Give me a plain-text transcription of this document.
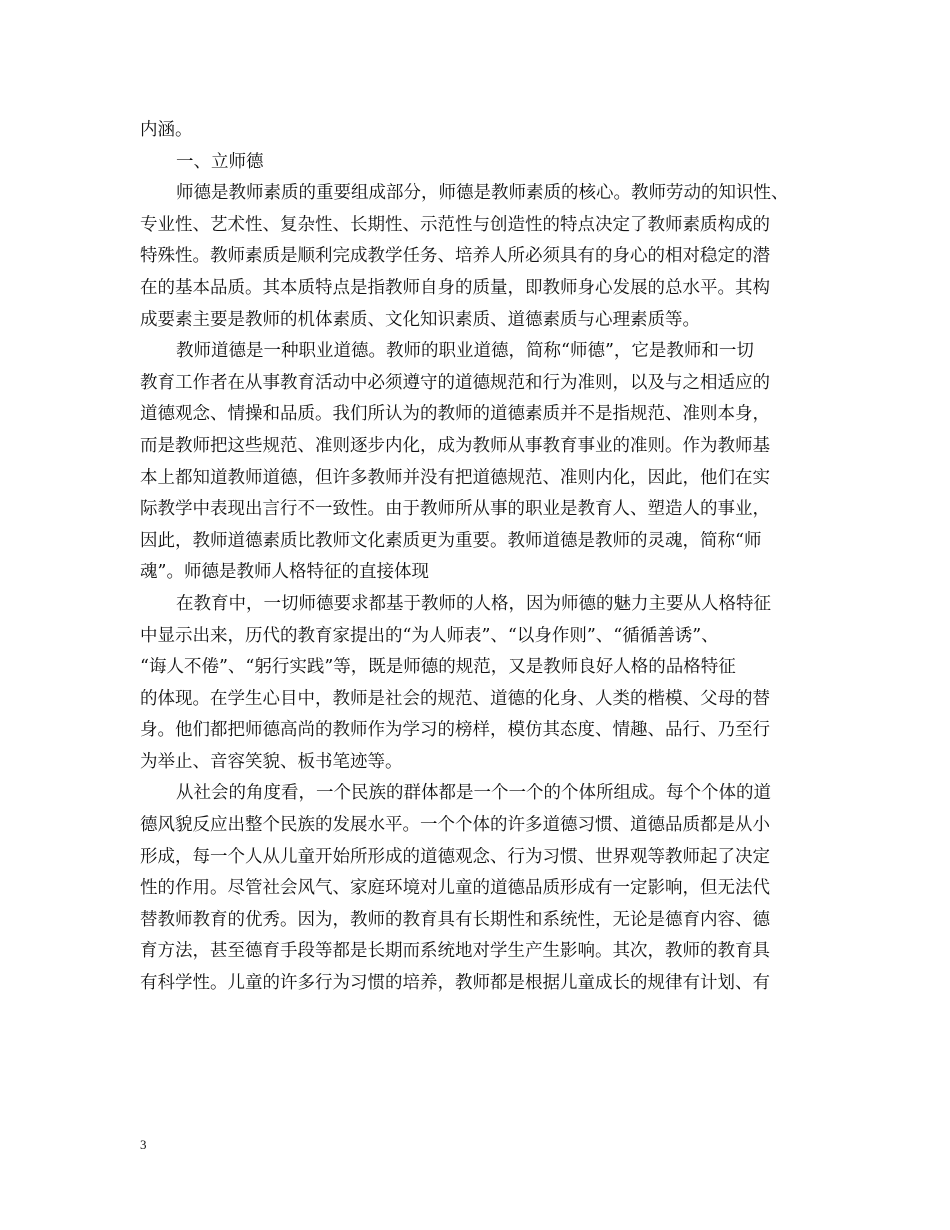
内涵。
一、立师德
师德是教师素质的重要组成部分，师德是教师素质的核心。教师劳动的知识性、
专业性、艺术性、复杂性、长期性、示范性与创造性的特点决定了教师素质构成的
特殊性。教师素质是顺利完成教学任务、培养人所必须具有的身心的相对稳定的潜
在的基本品质。其本质特点是指教师自身的质量，即教师身心发展的总水平。其构
成要素主要是教师的机体素质、文化知识素质、道德素质与心理素质等。
教师道德是一种职业道德。教师的职业道德，简称“师德”，它是教师和一切
教育工作者在从事教育活动中必须遵守的道德规范和行为准则，以及与之相适应的
道德观念、情操和品质。我们所认为的教师的道德素质并不是指规范、准则本身，
而是教师把这些规范、准则逐步内化，成为教师从事教育事业的准则。作为教师基
本上都知道教师道德，但许多教师并没有把道德规范、准则内化，因此，他们在实
际教学中表现出言行不一致性。由于教师所从事的职业是教育人、塑造人的事业，
因此，教师道德素质比教师文化素质更为重要。教师道德是教师的灵魂，简称“师
魂”。师德是教师人格特征的直接体现
在教育中，一切师德要求都基于教师的人格，因为师德的魅力主要从人格特征
中显示出来，历代的教育家提出的“为人师表”、“以身作则”、“循循善诱”、
“诲人不倦”、“躬行实践”等，既是师德的规范，又是教师良好人格的品格特征
的体现。在学生心目中，教师是社会的规范、道德的化身、人类的楷模、父母的替
身。他们都把师德高尚的教师作为学习的榜样，模仿其态度、情趣、品行、乃至行
为举止、音容笑貌、板书笔迹等。
从社会的角度看，一个民族的群体都是一个一个的个体所组成。每个个体的道
德风貌反应出整个民族的发展水平。一个个体的许多道德习惯、道德品质都是从小
形成，每一个人从儿童开始所形成的道德观念、行为习惯、世界观等教师起了决定
性的作用。尽管社会风气、家庭环境对儿童的道德品质形成有一定影响，但无法代
替教师教育的优秀。因为，教师的教育具有长期性和系统性，无论是德育内容、德
育方法，甚至德育手段等都是长期而系统地对学生产生影响。其次，教师的教育具
有科学性。儿童的许多行为习惯的培养，教师都是根据儿童成长的规律有计划、有
3
